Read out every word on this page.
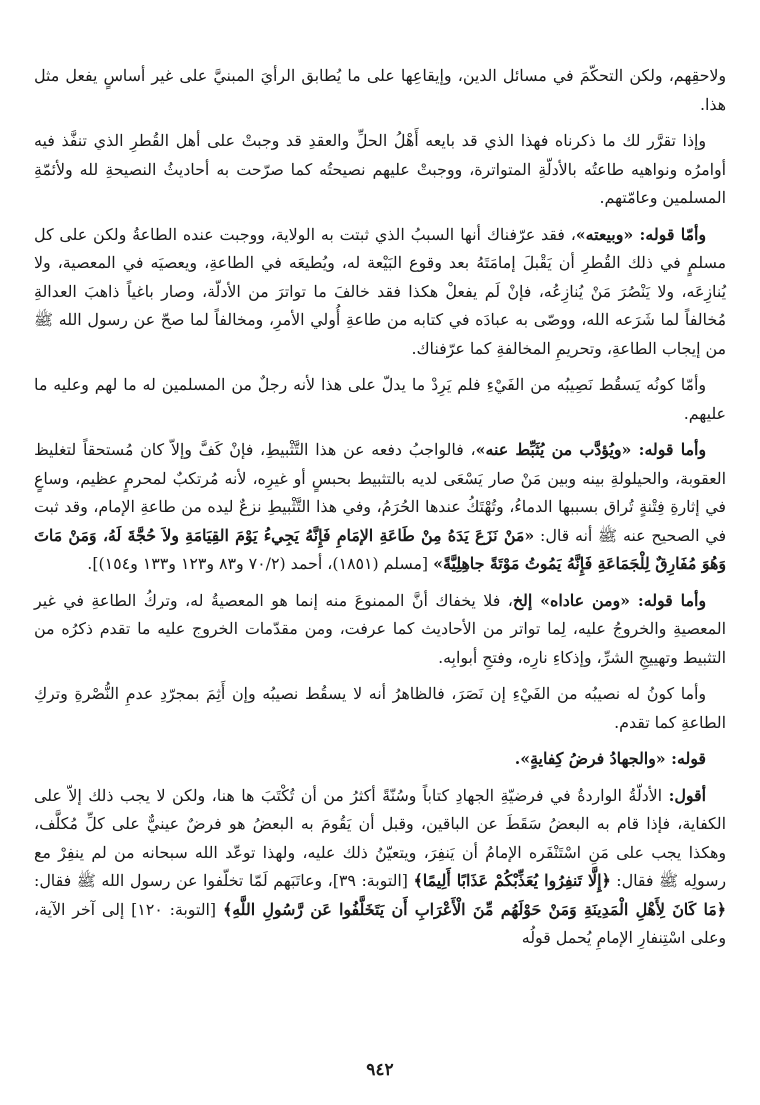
ولاحقِهم، ولكن التحكّمَ في مسائل الدين، وإيقاعِها على ما يُطابق الرأيَ المبنيَّ على غير أساسٍ يفعل مثل هذا.

وإذا تقرَّر لك ما ذكرناه فهذا الذي قد بايعه أَهْلُ الحلِّ والعقدِ قد وجبتْ على أهل القُطرِ الذي تنفَّذ فيه أوامرُه ونواهيه طاعتُه بالأدلّةِ المتواترة، ووجبتْ عليهم نصيحتُه كما صرّحت به أحاديثُ النصيحةِ لله ولأئمّةِ المسلمين وعامّتهم.

وأمّا قوله: «وبيعته»، فقد عرّفناك أنها السببُ الذي ثبتت به الولاية، ووجبت عنده الطاعةُ ولكن على كل مسلمٍ في ذلك القُطرِ أن يَقْبلَ إمامَتَهُ بعد وقوع البَيْعة له، ويُطيعَه في الطاعةِ، ويعصيَه في المعصية، ولا يُنازِعَه، ولا يَنْصُرَ مَنْ يُنازِعُه، فإنْ لَم يفعلْ هكذا فقد خالفَ ما تواترَ من الأدلّة، وصار باغياً ذاهبَ العدالةِ مُخالفاً لما شَرَعه الله، ووصّى به عبادَه في كتابه من طاعةِ أُولي الأمرِ، ومخالفاً لما صحّ عن رسول الله ﷺ من إيجاب الطاعةِ، وتحريمِ المخالفةِ كما عرّفناك.

وأمّا كونُه يَسقُط نَصِيبُه من الفَيْءِ فلم يَرِدْ ما يدلّ على هذا لأنه رجلٌ من المسلمين له ما لهم وعليه ما عليهم.

وأما قوله: «ويُؤدَّب من يُثَبِّط عنه»، فالواجبُ دفعه عن هذا التَّثْبيطِ، فإنْ كَفَّ وإلاّ كان مُستحقاً لتغليظ العقوبة، والحيلولةِ بينه وبين مَنْ صار يَسْعَى لديه بالتثبيط بحبسٍ أو غيرِه، لأنه مُرتكبٌ لمحرمٍ عظيم، وساعٍ في إثارةِ فِتْنةٍ تُراق بسببها الدماءُ، وتُهْتَكُ عندها الحُرَمُ، وفي هذا التَّثْبيطِ نزعٌ ليده من طاعةِ الإمام، وقد ثبت في الصحيح عنه ﷺ أنه قال: «مَنْ نَزَعَ يَدَهُ مِنْ طَاعَةِ الإمَامِ فَإِنَّهُ يَجِيءُ يَوْمَ القِيَامَةِ ولاَ حُجَّةَ لَهُ، وَمَنْ مَاتَ وَهُوَ مُفَارِقٌ لِلْجَمَاعَةِ فَإِنَّهُ يَمُوتُ مَوْتَةً جاهِلِيَّةً» [مسلم (١٨٥١)، أحمد (٧٠/٢ و٨٣ و١٢٣ و١٣٣ و١٥٤)].

وأما قوله: «ومن عاداه» إلخ، فلا يخفاك أنَّ الممنوعَ منه إنما هو المعصيةُ له، وتركُ الطاعةِ في غير المعصيةِ والخروجُ عليه، لِما تواتر من الأحاديث كما عرفت، ومن مقدّمات الخروج عليه ما تقدم ذكرُه من التثبيط وتهييجِ الشرِّ، وإذكاءِ نارِه، وفتحِ أبوابِه.

وأما كونُ له نصيبُه من الفَيْءِ إن نَصَرَ، فالظاهرُ أنه لا يسقُط نصيبُه وإن أَثِمَ بمجرّدِ عدمِ النُّصْرةِ وتركِ الطاعةِ كما تقدم.

قوله: «والجهادُ فرضُ كِفايةٍ».

أقول: الأدلّةُ الواردةُ في فرضيّةِ الجهادِ كتاباً وسُنّةً أكثرُ من أن تُكْتَبَ ها هنا، ولكن لا يجب ذلك إلاّ على الكفاية، فإذا قام به البعضُ سَقَطَ عن الباقين، وقبل أن يَقُومَ به البعضُ هو فرضٌ عينيٌّ على كلِّ مُكلَّف، وهكذا يجب على مَنِ اسْتَنْفَره الإمامُ أن يَنفِرَ، ويتعيّنُ ذلك عليه، ولهذا توعّد الله سبحانه من لم ينفِرْ مع رسولِه ﷺ فقال: ﴿إِلَّا تَنفِرُوا يُعَذِّبْكُمْ عَذَابًا أَلِيمًا﴾ [التوبة: ٣٩]، وعاتَبَهم لَمّا تخلّفوا عن رسول الله ﷺ فقال: ﴿مَا كَانَ لِأَهْلِ الْمَدِينَةِ وَمَنْ حَوْلَهُم مِّنَ الْأَعْرَابِ أَن يَتَخَلَّفُوا عَن رَّسُولِ اللَّهِ﴾ [التوبة: ١٢٠] إلى آخر الآية، وعلى اسْتِنفارِ الإمامِ يُحمل قولُه

٩٤٢
